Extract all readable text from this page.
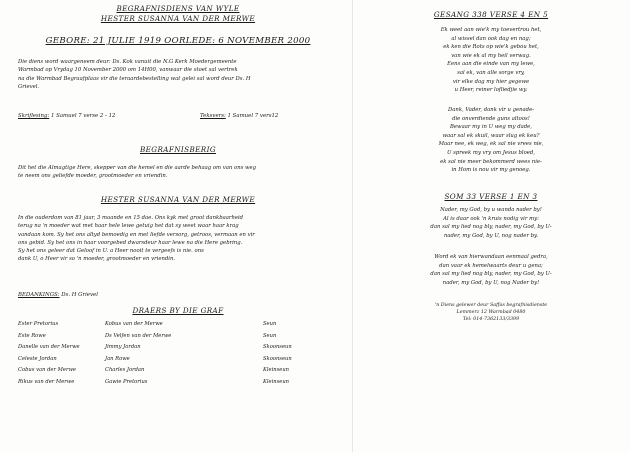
BEGRAFNISDIENS VAN WYLE
HESTER SUSANNA VAN DER MERWE
GEBORE: 21 JULIE 1919 OORLEDE: 6 NOVEMBER 2000
Die diens word waargeneem deur: Ds. Kok vanuit die N.G Kerk Moedergemeente
Warmbad op Vrydag 10 November 2000 om 14H00, vanwaar die stoet sal vertrek
na die Warmbad Begraafplaas vir die teraardebestelling wat gelei sal word deur Ds. H
Grievel.
Skriflesing: 1 Samuel 7 verse 2 - 12	Teksvers: 1 Samuel 7 vers12
BEGRAFNISBERIG
Dit het die Almagtige Here, skepper van die hemel en die aarde behaag om van ons weg
te neem ons geliefde moeder, grootmoeder en vriendin.
HESTER SUSANNA VAN DER MERWE
In die ouderdom van 81 jaar, 3 maande en 15 dae. Ons kyk met groot dankbaarheid
terug na 'n moeder wat met haar hele lewe getuig het dat sy weet waar haar krag
vandaan kom. Sy het ons altyd bemoedig en met liefde versorg, getroos, vermaan en vir
ons gebid. Sy het ons in haar voorgebed dwarsdeur haar lewe na die Here gebring.
Sy het ons geleer dat Geloof in U. a Heer nooit te vergeefs is nie. ons
dank U, o Heer vir so 'n moeder, grootmoeder en vriendin.
BEDANKINGS: Ds. H Grievel
DRAERS BY DIE GRAF
Ester Pretorius	Kobus van der Merwe	Seun
Este Rowe	Ds Velfen van der Merwe	Seun
Danelle van der Merwe	Jimmy Jordan	Skoonseun
Celeste Jordan	Jan Rowe	Skoonseun
Cobus van der Merwe	Charles Jordan	Kleinseun
Rikus van der Merwe	Gawie Pretorius	Kleinseun
GESANG 338 VERSE 4 EN 5
Ek weet aan wie'k my toevertrou het,
al wissel dan ook dag en nag;
ek ken die Rots op wie'k gebou het,
van wie ek al my heil verwag.
Eens aan die einde van my lewe,
sal ek, van alle sorge vry,
vir elke dag my hier gegewe
u Heer, reiner lofliedjie wy.
Dank, Vader, dank vir u genade-
die onverdiende guns altoos!
Bewaar my in U weg my dade,
waar sal ek skuil, waar slug ek keu?
Maar nee, ek weg, ek sal nie vrees nie,
U spreek my vry om Jesus bloed,
ek sal nie meer bekommerd wees nie-
in Hom is nou vir my genoeg.
SOM 33 VERSE 1 EN 3
Nader, my God, by u wanda nader by!
Al is daar ook 'n kruis nodig vir my:
dan sal my lied nog bly, nader, my God, by U-
nader, my God, by U, nog nader by.
Word ek van hierwandaan eenmaal gedra,
dan vaar ek hemelwaarts deur u gena;
dan sal my lied nog bly, nader, my God, by U-
nader, my God, by U, nog Nader by!
'n Diens gelewer deur Saffas begrafnisdienste
Lemmerz 12 Warmbad 0480
Tel: 014-7362133/3399
